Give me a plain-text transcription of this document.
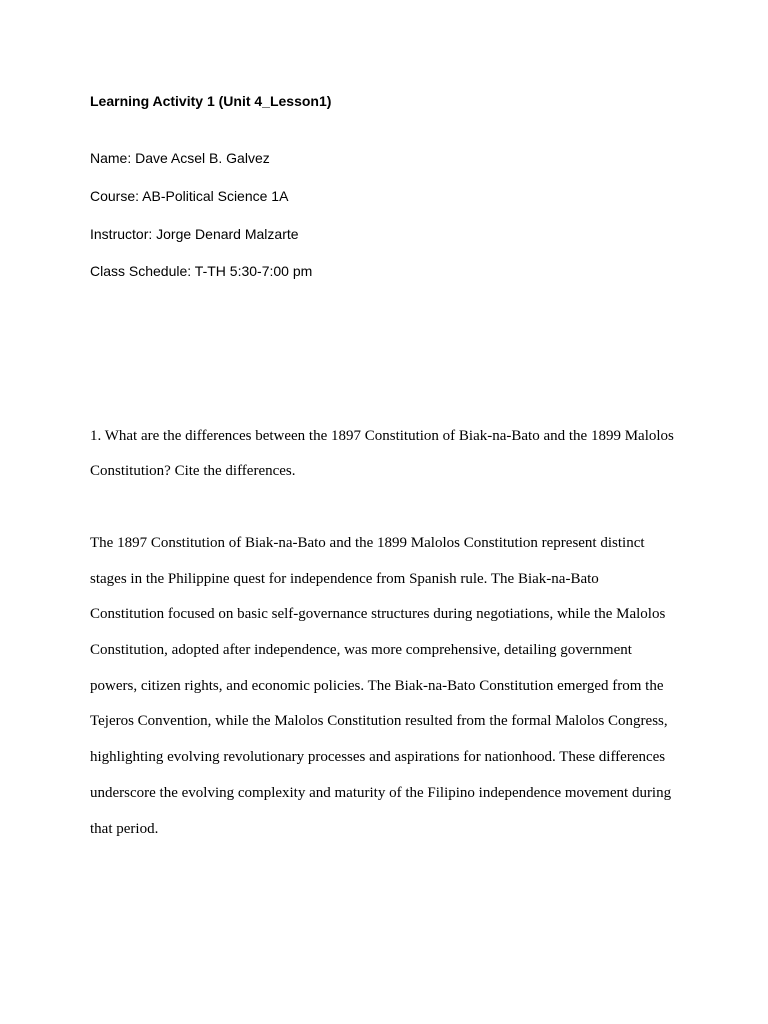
Learning Activity 1 (Unit 4_Lesson1)
Name: Dave Acsel B. Galvez
Course: AB-Political Science 1A
Instructor: Jorge Denard Malzarte
Class Schedule: T-TH 5:30-7:00 pm
1. What are the differences between the 1897 Constitution of Biak-na-Bato and the 1899 Malolos
Constitution? Cite the differences.
The 1897 Constitution of Biak-na-Bato and the 1899 Malolos Constitution represent distinct
stages in the Philippine quest for independence from Spanish rule. The Biak-na-Bato
Constitution focused on basic self-governance structures during negotiations, while the Malolos
Constitution, adopted after independence, was more comprehensive, detailing government
powers, citizen rights, and economic policies. The Biak-na-Bato Constitution emerged from the
Tejeros Convention, while the Malolos Constitution resulted from the formal Malolos Congress,
highlighting evolving revolutionary processes and aspirations for nationhood. These differences
underscore the evolving complexity and maturity of the Filipino independence movement during
that period.
